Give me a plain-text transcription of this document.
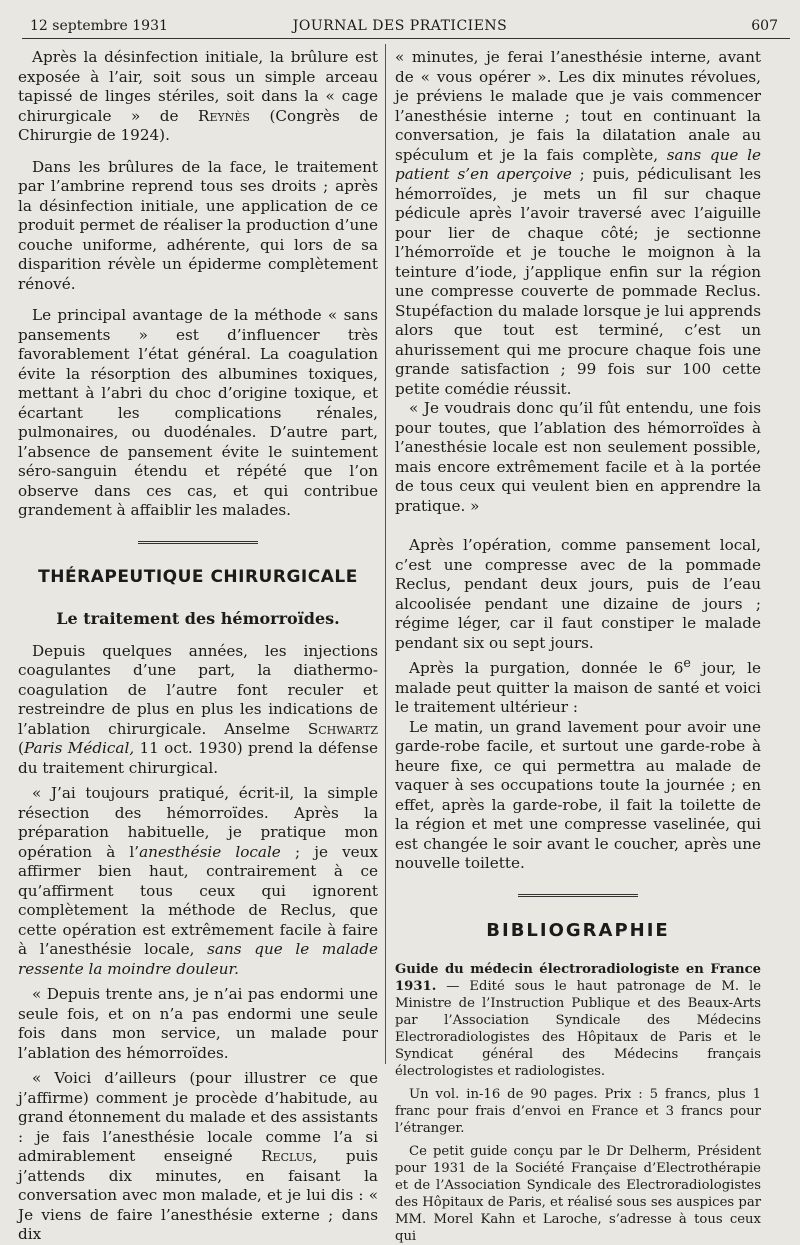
12 septembre 1931	JOURNAL DES PRATICIENS	607

Après la désinfection initiale, la brûlure est exposée à l’air, soit sous un simple arceau tapissé de linges stériles, soit dans la « cage chirurgicale » de Reynès (Congrès de Chirurgie de 1924).

Dans les brûlures de la face, le traitement par l’ambrine reprend tous ses droits ; après la désinfection initiale, une application de ce produit permet de réaliser la production d’une couche uniforme, adhérente, qui lors de sa disparition révèle un épiderme complètement rénové.

Le principal avantage de la méthode « sans pansements » est d’influencer très favorablement l’état général. La coagulation évite la résorption des albumines toxiques, mettant à l’abri du choc d’origine toxique, et écartant les complications rénales, pulmonaires, ou duodénales. D’autre part, l’absence de pansement évite le suintement séro-sanguin étendu et répété que l’on observe dans ces cas, et qui contribue grandement à affaiblir les malades.

THÉRAPEUTIQUE CHIRURGICALE
Le traitement des hémorroïdes.

Depuis quelques années, les injections coagulantes d’une part, la diathermo-coagulation de l’autre font reculer et restreindre de plus en plus les indications de l’ablation chirurgicale. Anselme Schwartz (Paris Médical, 11 oct. 1930) prend la défense du traitement chirurgical.

« J’ai toujours pratiqué, écrit-il, la simple résection des hémorroïdes. Après la préparation habituelle, je pratique mon opération à l’anesthésie locale ; je veux affirmer bien haut, contrairement à ce qu’affirment tous ceux qui ignorent complètement la méthode de Reclus, que cette opération est extrêmement facile à faire à l’anesthésie locale, sans que le malade ressente la moindre douleur.

« Depuis trente ans, je n’ai pas endormi une seule fois, et on n’a pas endormi une seule fois dans mon service, un malade pour l’ablation des hémorroïdes.

« Voici d’ailleurs (pour illustrer ce que j’affirme) comment je procède d’habitude, au grand étonnement du malade et des assistants : je fais l’anesthésie locale comme l’a si admirablement enseigné Reclus, puis j’attends dix minutes, en faisant la conversation avec mon malade, et je lui dis : « Je viens de faire l’anesthésie externe ; dans dix

« minutes, je ferai l’anesthésie interne, avant de « vous opérer ». Les dix minutes révolues, je préviens le malade que je vais commencer l’anesthésie interne ; tout en continuant la conversation, je fais la dilatation anale au spéculum et je la fais complète, sans que le patient s’en aperçoive ; puis, pédiculisant les hémorroïdes, je mets un fil sur chaque pédicule après l’avoir traversé avec l’aiguille pour lier de chaque côté; je sectionne l’hémorroïde et je touche le moignon à la teinture d’iode, j’applique enfin sur la région une compresse couverte de pommade Reclus. Stupéfaction du malade lorsque je lui apprends alors que tout est terminé, c’est un ahurissement qui me procure chaque fois une grande satisfaction ; 99 fois sur 100 cette petite comédie réussit.

« Je voudrais donc qu’il fût entendu, une fois pour toutes, que l’ablation des hémorroïdes à l’anesthésie locale est non seulement possible, mais encore extrêmement facile et à la portée de tous ceux qui veulent bien en apprendre la pratique. »

Après l’opération, comme pansement local, c’est une compresse avec de la pommade Reclus, pendant deux jours, puis de l’eau alcoolisée pendant une dizaine de jours ; régime léger, car il faut constiper le malade pendant six ou sept jours.

Après la purgation, donnée le 6e jour, le malade peut quitter la maison de santé et voici le traitement ultérieur :

Le matin, un grand lavement pour avoir une garde-robe facile, et surtout une garde-robe à heure fixe, ce qui permettra au malade de vaquer à ses occupations toute la journée ; en effet, après la garde-robe, il fait la toilette de la région et met une compresse vaselinée, qui est changée le soir avant le coucher, après une nouvelle toilette.

BIBLIOGRAPHIE

Guide du médecin électroradiologiste en France 1931. — Edité sous le haut patronage de M. le Ministre de l’Instruction Publique et des Beaux-Arts par l’Association Syndicale des Médecins Electroradiologistes des Hôpitaux de Paris et le Syndicat général des Médecins français électrologistes et radiologistes.

Un vol. in-16 de 90 pages. Prix : 5 francs, plus 1 franc pour frais d’envoi en France et 3 francs pour l’étranger.

Ce petit guide conçu par le Dr Delherm, Président pour 1931 de la Société Française d’Electrothérapie et de l’Association Syndicale des Electroradiologistes des Hôpitaux de Paris, et réalisé sous ses auspices par MM. Morel Kahn et Laroche, s’adresse à tous ceux qui
